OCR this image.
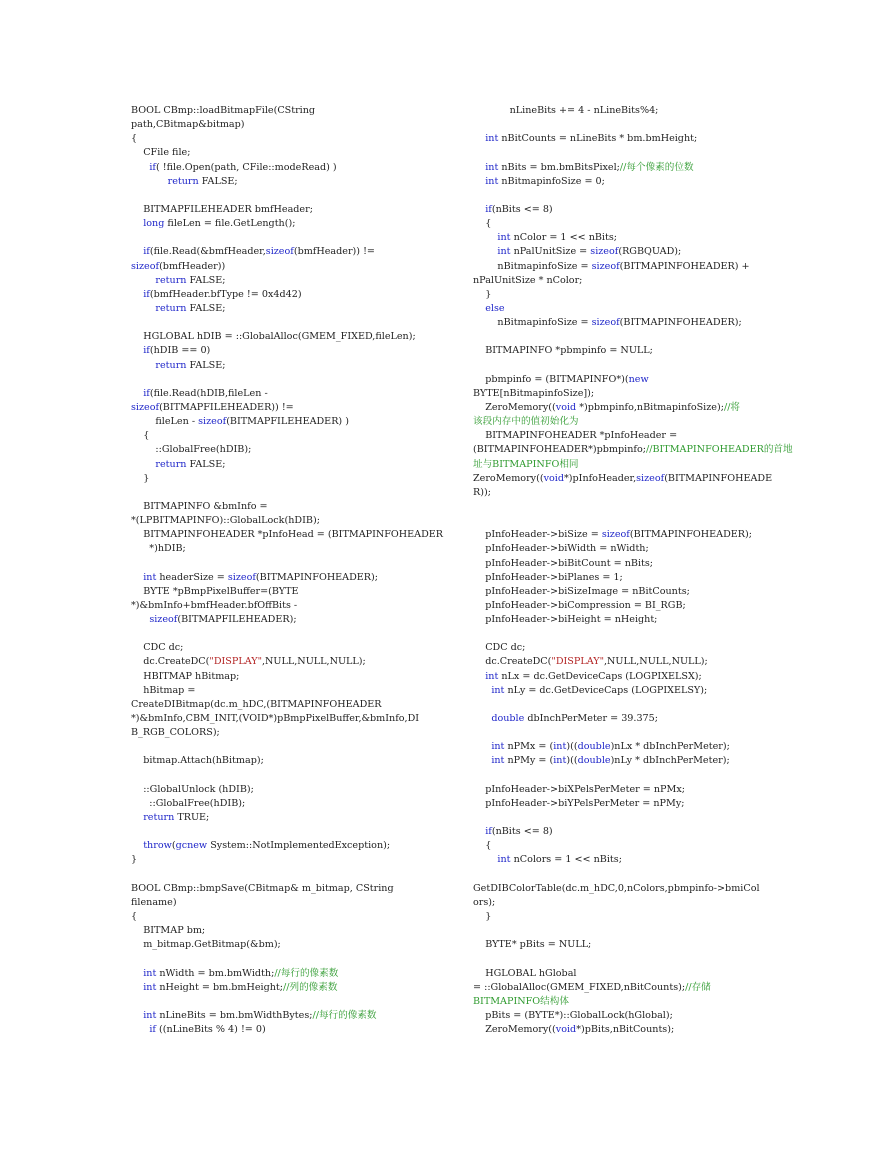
BOOL CBmp::loadBitmapFile(CString
path,CBitmap&bitmap)
{
CFile file;
if( !file.Open(path, CFile::modeRead) )
return FALSE;

BITMAPFILEHEADER bmfHeader;
long fileLen = file.GetLength();

if(file.Read(&bmfHeader,sizeof(bmfHeader)) !=
sizeof(bmfHeader))
return FALSE;
if(bmfHeader.bfType != 0x4d42)
return FALSE;

HGLOBAL hDIB = ::GlobalAlloc(GMEM_FIXED,fileLen);
if(hDIB == 0)
return FALSE;

if(file.Read(hDIB,fileLen -
sizeof(BITMAPFILEHEADER)) !=
fileLen - sizeof(BITMAPFILEHEADER) )
{
::GlobalFree(hDIB);
return FALSE;
}

BITMAPINFO &bmInfo =
*(LPBITMAPINFO)::GlobalLock(hDIB);
BITMAPINFOHEADER *pInfoHead = (BITMAPINFOHEADER
*)hDIB;

int headerSize = sizeof(BITMAPINFOHEADER);
BYTE *pBmpPixelBuffer=(BYTE
*)&bmInfo+bmfHeader.bfOffBits -
sizeof(BITMAPFILEHEADER);

CDC dc;
dc.CreateDC("DISPLAY",NULL,NULL,NULL);
HBITMAP hBitmap;
hBitmap =
CreateDIBitmap(dc.m_hDC,(BITMAPINFOHEADER
*)&bmInfo,CBM_INIT,(VOID*)pBmpPixelBuffer,&bmInfo,DI
B_RGB_COLORS);

bitmap.Attach(hBitmap);

::GlobalUnlock (hDIB);
::GlobalFree(hDIB);
return TRUE;

throw(gcnew System::NotImplementedException);
}

BOOL CBmp::bmpSave(CBitmap& m_bitmap, CString
filename)
{
BITMAP bm;
m_bitmap.GetBitmap(&bm);

int nWidth = bm.bmWidth;//每行的像素数
int nHeight = bm.bmHeight;//列的像素数

int nLineBits = bm.bmWidthBytes;//每行的像素数
if ((nLineBits % 4) != 0)
nLineBits += 4 - nLineBits%4;

int nBitCounts = nLineBits * bm.bmHeight;

int nBits = bm.bmBitsPixel;//每个像素的位数
int nBitmapinfoSize = 0;

if(nBits <= 8)
{
int nColor = 1 << nBits;
int nPalUnitSize = sizeof(RGBQUAD);
nBitmapinfoSize = sizeof(BITMAPINFOHEADER) +
nPalUnitSize * nColor;
}
else
nBitmapinfoSize = sizeof(BITMAPINFOHEADER);

BITMAPINFO *pbmpinfo = NULL;

pbmpinfo = (BITMAPINFO*)(new
BYTE[nBitmapinfoSize]);
ZeroMemory((void *)pbmpinfo,nBitmapinfoSize);//将
该段内存中的值初始化为
BITMAPINFOHEADER *pInfoHeader =
(BITMAPINFOHEADER*)pbmpinfo;//BITMAPINFOHEADER的首地
址与BITMAPINFO相同
ZeroMemory((void*)pInfoHeader,sizeof(BITMAPINFOHEADE
R));

pInfoHeader->biSize = sizeof(BITMAPINFOHEADER);
pInfoHeader->biWidth = nWidth;
pInfoHeader->biBitCount = nBits;
pInfoHeader->biPlanes = 1;
pInfoHeader->biSizeImage = nBitCounts;
pInfoHeader->biCompression = BI_RGB;
pInfoHeader->biHeight = nHeight;

CDC dc;
dc.CreateDC("DISPLAY",NULL,NULL,NULL);
int nLx = dc.GetDeviceCaps (LOGPIXELSX);
int nLy = dc.GetDeviceCaps (LOGPIXELSY);

double dbInchPerMeter = 39.375;

int nPMx = (int)((double)nLx * dbInchPerMeter);
int nPMy = (int)((double)nLy * dbInchPerMeter);

pInfoHeader->biXPelsPerMeter = nPMx;
pInfoHeader->biYPelsPerMeter = nPMy;

if(nBits <= 8)
{
int nColors = 1 << nBits;

GetDIBColorTable(dc.m_hDC,0,nColors,pbmpinfo->bmiCol
ors);
}

BYTE* pBits = NULL;

HGLOBAL hGlobal
= ::GlobalAlloc(GMEM_FIXED,nBitCounts);//存储
BITMAPINFO结构体
pBits = (BYTE*)::GlobalLock(hGlobal);
ZeroMemory((void*)pBits,nBitCounts);
